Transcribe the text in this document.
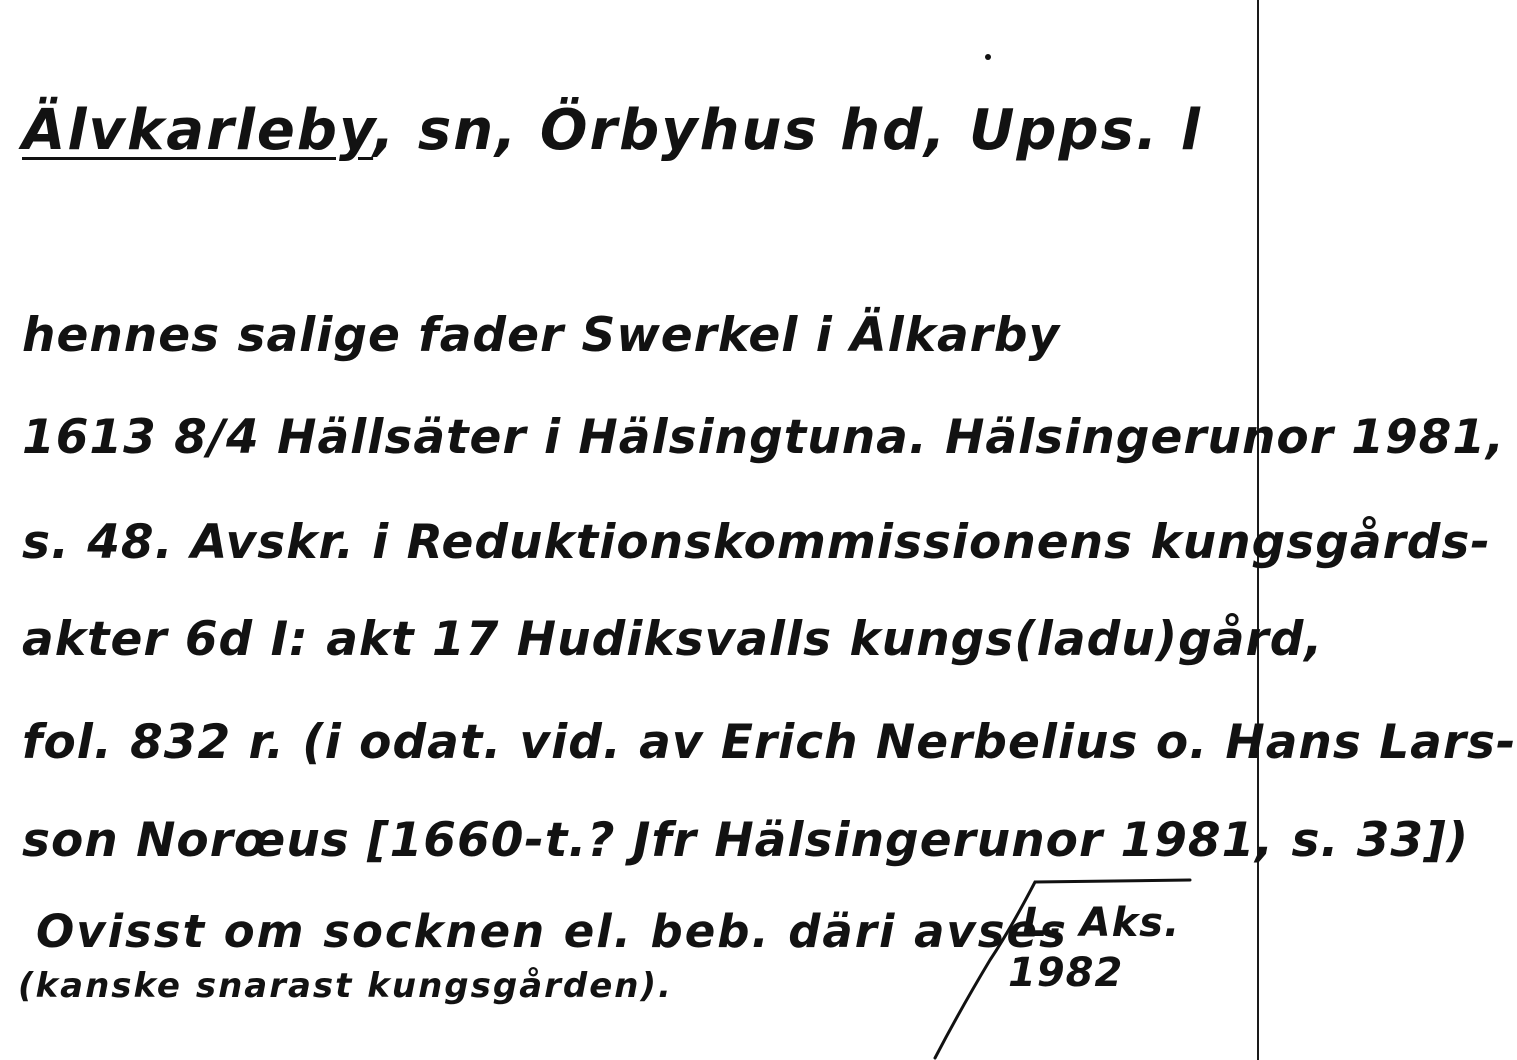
Älvkarleby, sn, Örbyhus hd, Upps. l
hennes salige fader Swerkel i Älkarby
1613 8/4 Hällsäter i Hälsingtuna. Hälsingerunor 1981,
s. 48. Avskr. i Reduktionskommissionens kungsgårds-
akter 6d I: akt 17 Hudiksvalls kungs(ladu)gård,
fol. 832 r. (i odat. vid. av Erich Nerbelius o. Hans Lars-
son Norœus [1660-t.? Jfr Hälsingerunor 1981, s. 33])
Ovisst om socknen el. beb. däri avses
(kanske snarast kungsgården).
L. Aks.
1982
